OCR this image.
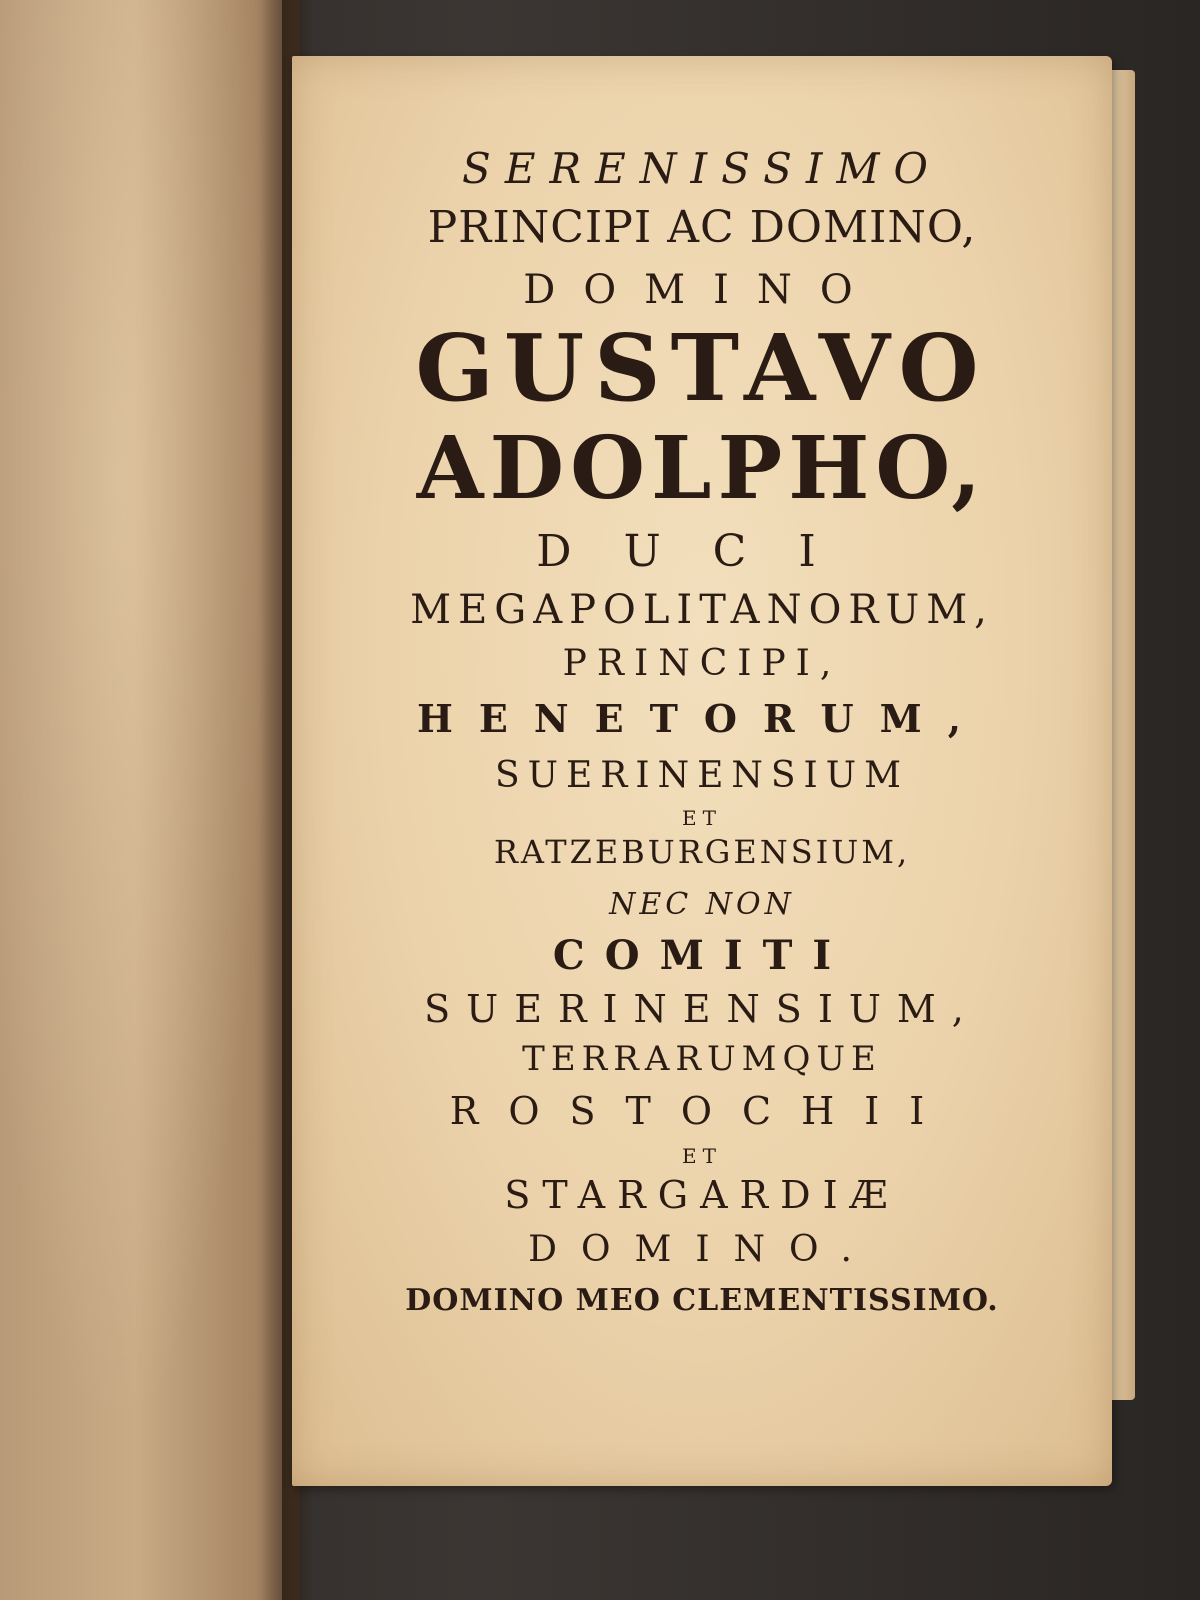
SERENISSIMO
PRINCIPI AC DOMINO,
DOMINO
GUSTAVO
ADOLPHO,
DUCI
MEGAPOLITANORUM,
PRINCIPI,
HENETORUM,
SUERINENSIUM
ET
RATZEBURGENSIUM,
NEC NON
COMITI
SUERINENSIUM,
TERRARUMQUE
ROSTOCHII
ET
STARGARDIÆ
DOMINO.
DOMINO MEO CLEMENTISSIMO.
